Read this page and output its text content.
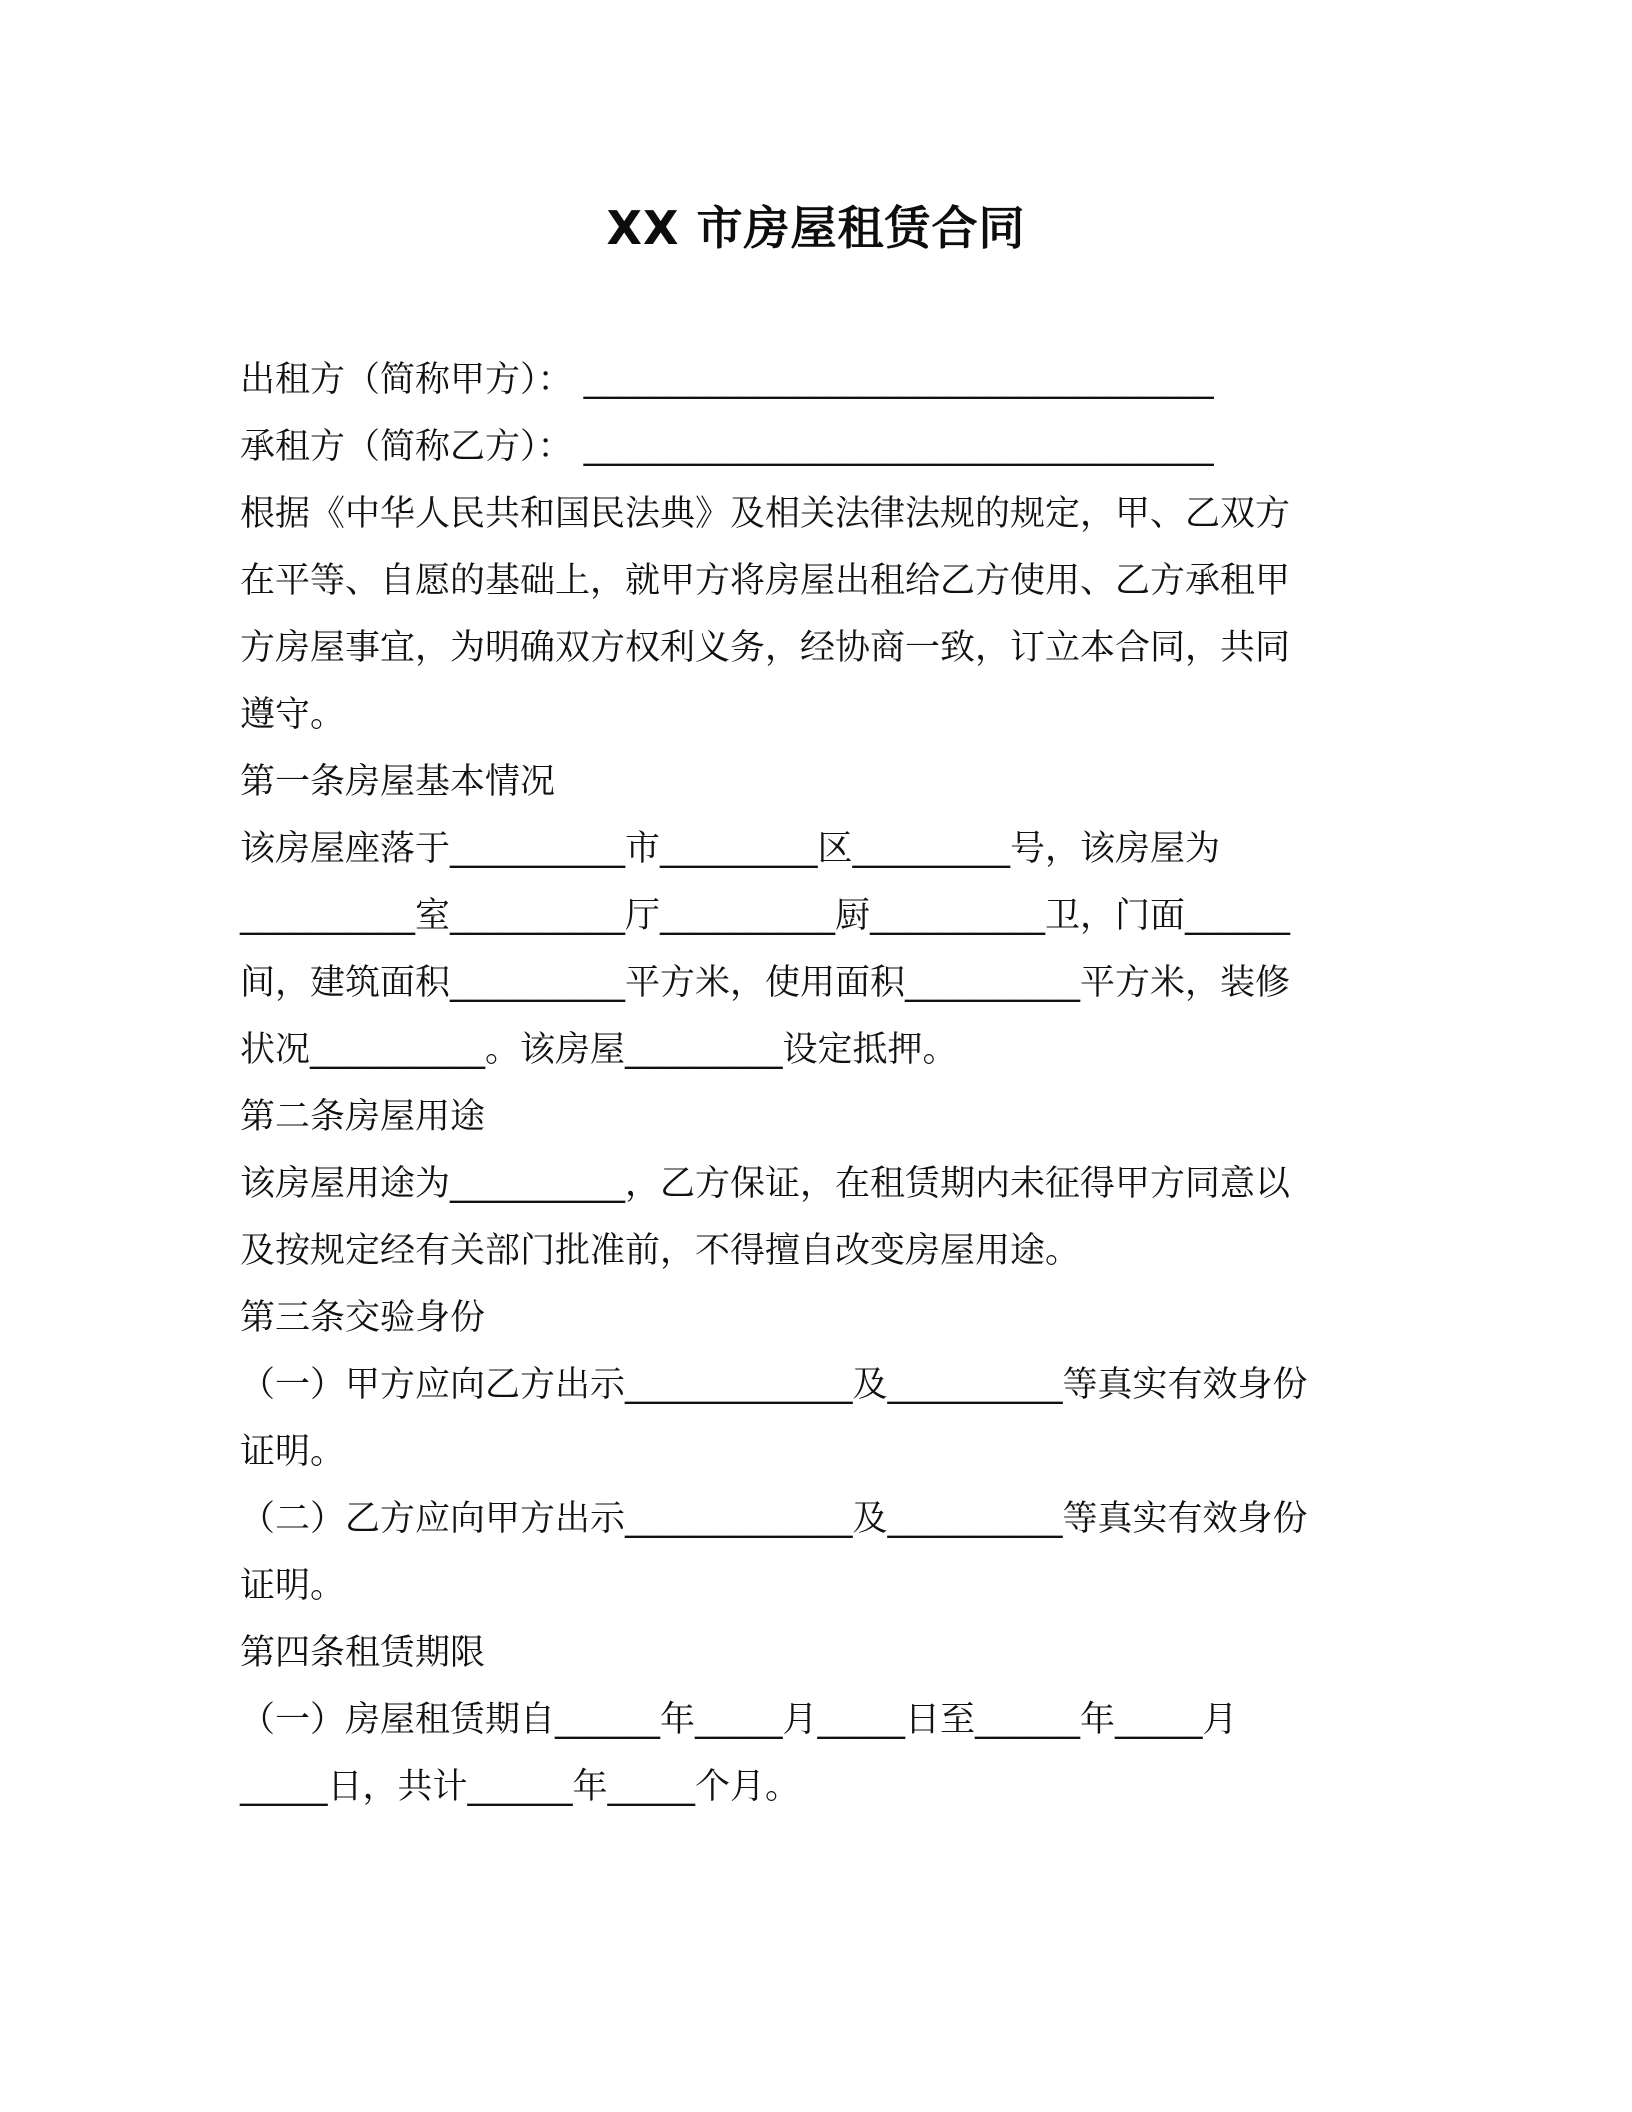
XX 市房屋租赁合同
出租方（简称甲方）： ____________________________________
承租方（简称乙方）： ____________________________________
根据《中华人民共和国民法典》及相关法律法规的规定，甲、乙双方
在平等、自愿的基础上，就甲方将房屋出租给乙方使用、乙方承租甲
方房屋事宜，为明确双方权利义务，经协商一致，订立本合同，共同
遵守。
第一条房屋基本情况
该房屋座落于__________市_________区_________号，该房屋为
__________室__________厅__________厨__________卫，门面______
间，建筑面积__________平方米，使用面积__________平方米，装修
状况__________。该房屋_________设定抵押。
第二条房屋用途
该房屋用途为__________，乙方保证，在租赁期内未征得甲方同意以
及按规定经有关部门批准前，不得擅自改变房屋用途。
第三条交验身份
（一）甲方应向乙方出示_____________及__________等真实有效身份
证明。
（二）乙方应向甲方出示_____________及__________等真实有效身份
证明。
第四条租赁期限
（一）房屋租赁期自______年_____月_____日至______年_____月
_____日，共计______年_____个月。
